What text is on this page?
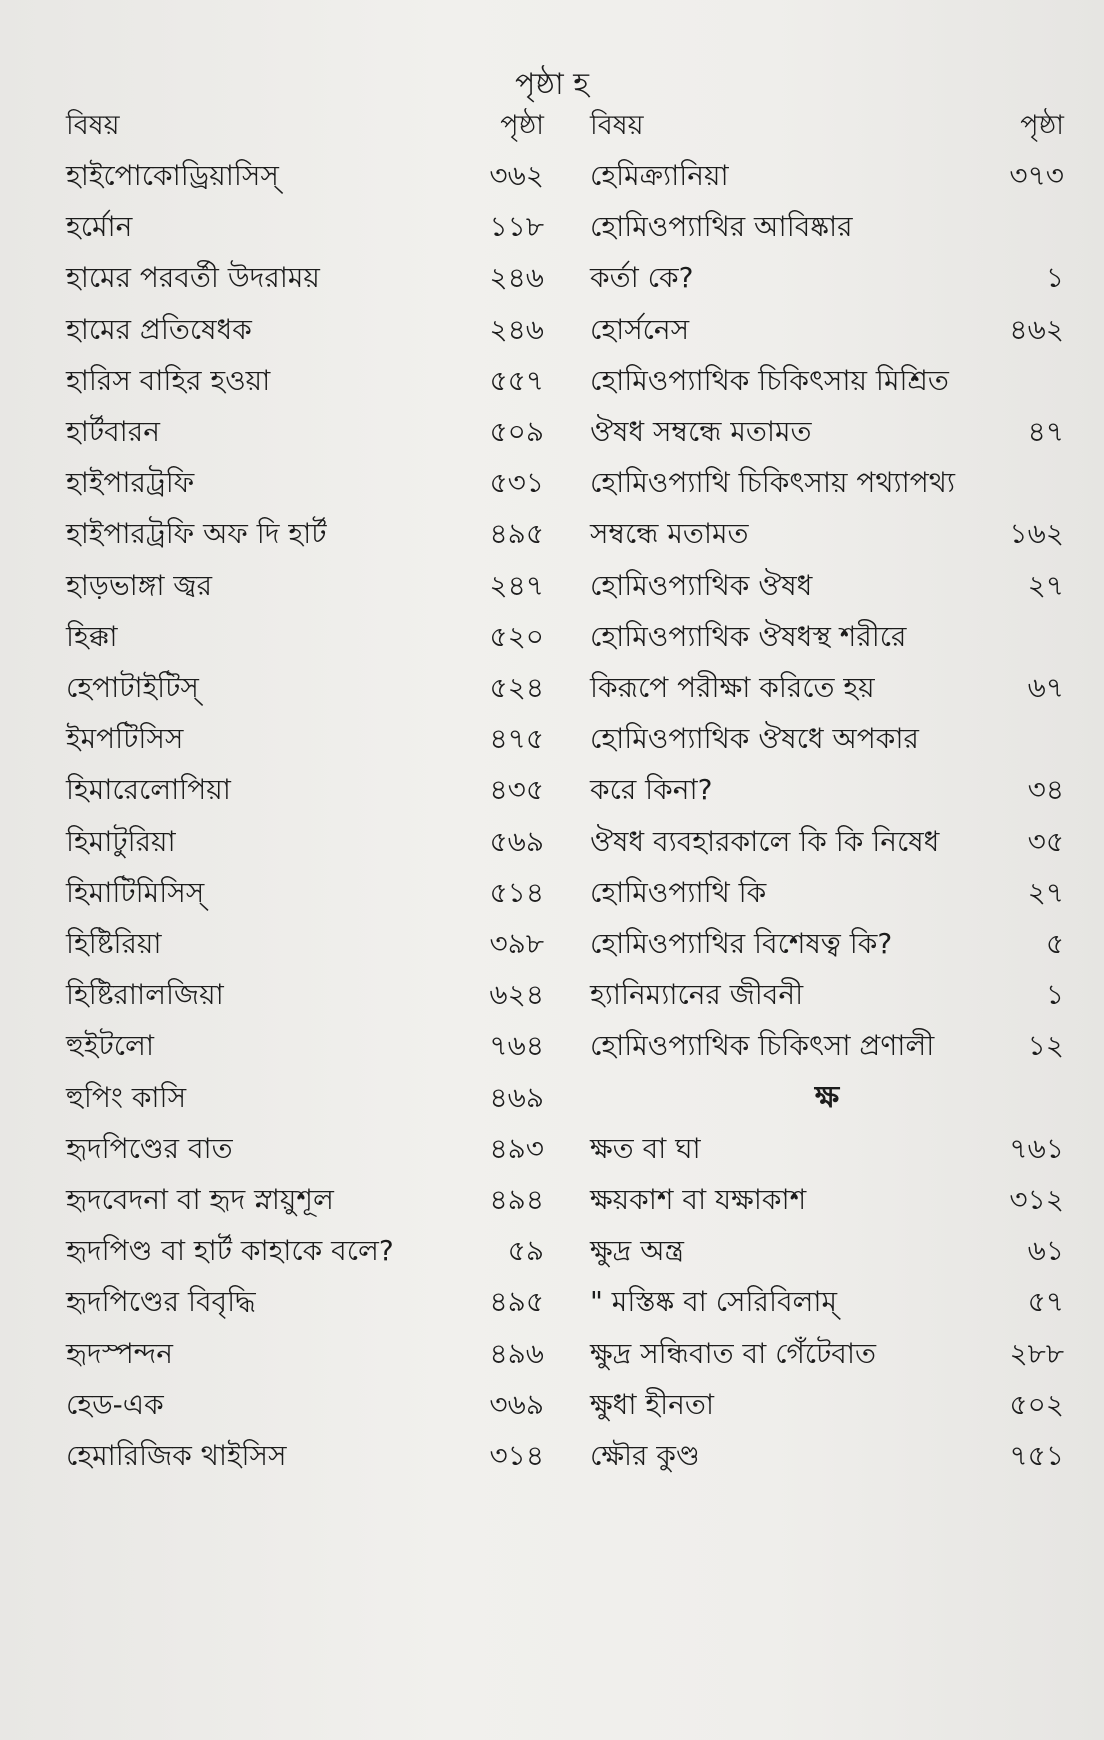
পৃষ্ঠা হ
বিষয়	পৃষ্ঠা
হাইপোকোড্রিয়াসিস্	৩৬২
হর্মোন	১১৮
হামের পরবর্তী উদরাময়	২৪৬
হামের প্রতিষেধক	২৪৬
হারিস বাহির হওয়া	৫৫৭
হার্টবারন	৫০৯
হাইপারট্রফি	৫৩১
হাইপারট্রফি অফ দি হার্ট	৪৯৫
হাড়ভাঙ্গা জ্বর	২৪৭
হিক্কা	৫২০
হেপাটাইটিস্	৫২৪
ইমপটিসিস	৪৭৫
হিমারেলোপিয়া	৪৩৫
হিমাটুরিয়া	৫৬৯
হিমাটিমিসিস্	৫১৪
হিষ্টিরিয়া	৩৯৮
হিষ্টিরাালজিয়া	৬২৪
হুইটলো	৭৬৪
হুপিং কাসি	৪৬৯
হৃদপিণ্ডের বাত	৪৯৩
হৃদবেদনা বা হৃদ স্নায়ুশূল	৪৯৪
হৃদপিণ্ড বা হার্ট কাহাকে বলে?	৫৯
হৃদপিণ্ডের বিবৃদ্ধি	৪৯৫
হৃদস্পন্দন	৪৯৬
হেড-এক	৩৬৯
হেমারিজিক থাইসিস	৩১৪
বিষয়	পৃষ্ঠা
হেমিক্র্যানিয়া	৩৭৩
হোমিওপ্যাথির আবিষ্কার
কর্তা কে?	১
হোর্সনেস	৪৬২
হোমিওপ্যাথিক চিকিৎসায় মিশ্রিত
ঔষধ সম্বন্ধে মতামত	৪৭
হোমিওপ্যাথি চিকিৎসায় পথ্যাপথ্য
সম্বন্ধে মতামত	১৬২
হোমিওপ্যাথিক ঔষধ	২৭
হোমিওপ্যাথিক ঔষধস্থ শরীরে
কিরূপে পরীক্ষা করিতে হয়	৬৭
হোমিওপ্যাথিক ঔষধে অপকার
করে কিনা?	৩৪
ঔষধ ব্যবহারকালে কি কি নিষেধ	৩৫
হোমিওপ্যাথি কি	২৭
হোমিওপ্যাথির বিশেষত্ব কি?	৫
হ্যানিম্যানের জীবনী	১
হোমিওপ্যাথিক চিকিৎসা প্রণালী	১২
ক্ষ
ক্ষত বা ঘা	৭৬১
ক্ষয়কাশ বা যক্ষাকাশ	৩১২
ক্ষুদ্র অন্ত্র	৬১
" মস্তিষ্ক বা সেরিবিলাম্	৫৭
ক্ষুদ্র সন্ধিবাত বা গেঁটেবাত	২৮৮
ক্ষুধা হীনতা	৫০২
ক্ষৌর কুণ্ড	৭৫১
